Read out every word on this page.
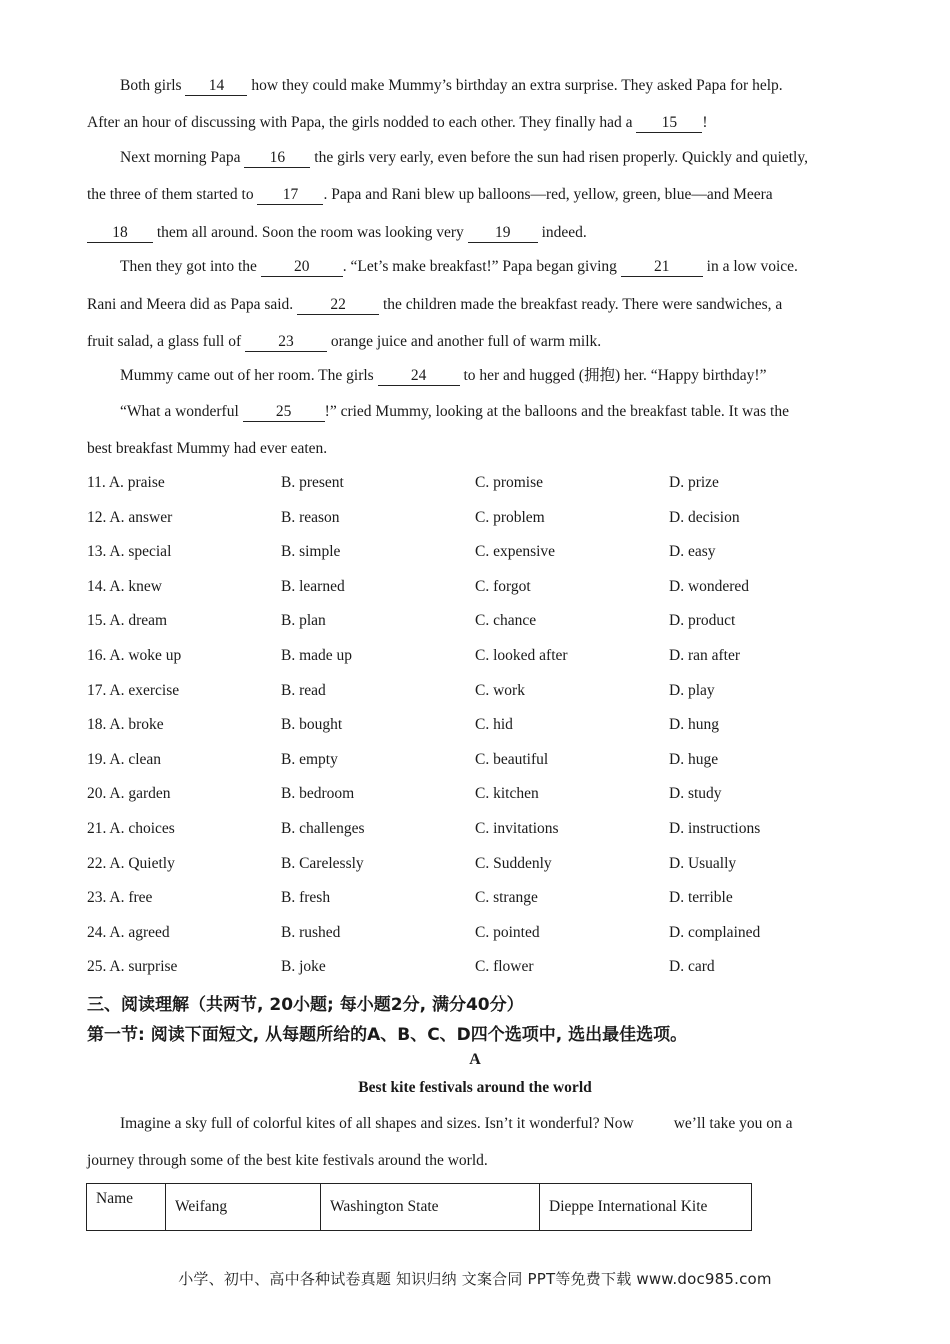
Both girls 14 how they could make Mummy’s birthday an extra surprise. They asked Papa for help.

After an hour of discussing with Papa, the girls nodded to each other. They finally had a 15 !

Next morning Papa 16 the girls very early, even before the sun had risen properly. Quickly and quietly,

the three of them started to 17 . Papa and Rani blew up balloons—red, yellow, green, blue—and Meera

18 them all around. Soon the room was looking very 19 indeed.

Then they got into the 20 . “Let’s make breakfast!” Papa began giving 21 in a low voice.

Rani and Meera did as Papa said. 22 the children made the breakfast ready. There were sandwiches, a

fruit salad, a glass full of 23 orange juice and another full of warm milk.

Mummy came out of her room. The girls 24 to her and hugged (拥抱) her. “Happy birthday!”

“What a wonderful 25 !” cried Mummy, looking at the balloons and the breakfast table. It was the

best breakfast Mummy had ever eaten.

11. A. praise	B. present	C. promise	D. prize
12. A. answer	B. reason	C. problem	D. decision
13. A. special	B. simple	C. expensive	D. easy
14. A. knew	B. learned	C. forgot	D. wondered
15. A. dream	B. plan	C. chance	D. product
16. A. woke up	B. made up	C. looked after	D. ran after
17. A. exercise	B. read	C. work	D. play
18. A. broke	B. bought	C. hid	D. hung
19. A. clean	B. empty	C. beautiful	D. huge
20. A. garden	B. bedroom	C. kitchen	D. study
21. A. choices	B. challenges	C. invitations	D. instructions
22. A. Quietly	B. Carelessly	C. Suddenly	D. Usually
23. A. free	B. fresh	C. strange	D. terrible
24. A. agreed	B. rushed	C. pointed	D. complained
25. A. surprise	B. joke	C. flower	D. card
三、阅读理解（共两节, 20小题; 每小题2分, 满分40分）
第一节: 阅读下面短文, 从每题所给的A、B、C、D四个选项中, 选出最佳选项。
A
Best kite festivals around the world

Imagine a sky full of colorful kites of all shapes and sizes. Isn’t it wonderful? Now	we’ll take you on a

journey through some of the best kite festivals around the world.

Name	Weifang	Washington State	Dieppe International Kite
小学、初中、高中各种试卷真题 知识归纳 文案合同 PPT等免费下载 www.doc985.com
